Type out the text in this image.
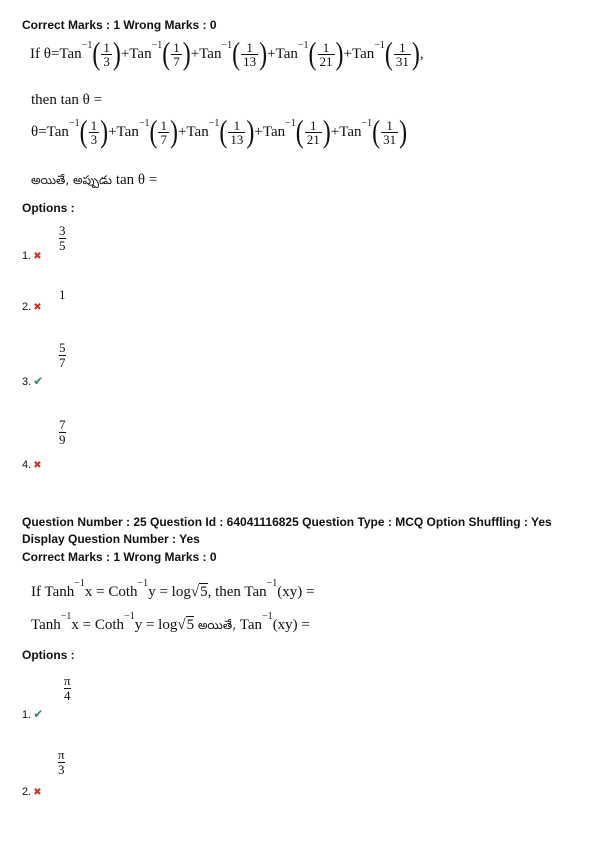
Correct Marks : 1 Wrong Marks : 0
If $\theta=Tan^{-1}( \frac{1}{3} )+Tan^{-1}( \frac{1}{7} )+Tan^{-1}( \frac{1}{13} )+Tan^{-1}( \frac{1}{21} )+Tan^{-1}( \frac{1}{31}$ ),
then tan θ =
$\theta=Tan^{-1}( \frac{1}{3} )+Tan^{-1}( \frac{1}{7} )+Tan^{-1}( \frac{1}{13} )+Tan^{-1}( \frac{1}{21} )+Tan^{-1}( \frac{1}{31}$ )
అయితే, అప్పుడు tan θ =
Options :
1. ✖
3
5
2. ✖
1
3. ✔
5
7
4. ✖
7
9
Question Number : 25 Question Id : 64041116825 Question Type : MCQ Option Shuffling : Yes
Display Question Number : Yes
Correct Marks : 1 Wrong Marks : 0
If Tanh$^{-1}$x = Coth$^{-1}$y = log√5, then Tan$^{-1}$(xy) =
Tanh$^{-1}$x = Coth$^{-1}$y = log√5 అయితే, Tan$^{-1}$(xy) =
Options :
1. ✔
π
4
2. ✖
π
3
